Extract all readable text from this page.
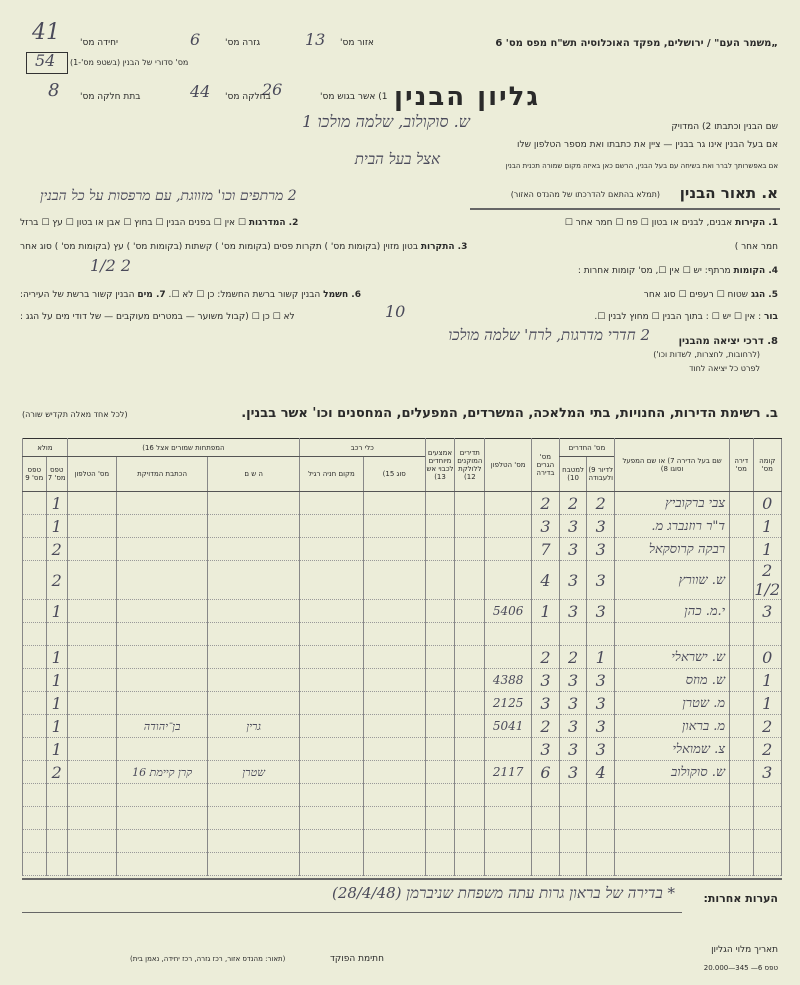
„משמר העם" / ירושלים, מפקד האוכלוסיה תש"ח מפס מס' 6
אזור מס'
13
גזרה מס'
6
יחידה מס'
41
מס' סדורי של הבנין (בשטפ מס'-1)
54
גליון הבנין
1) אשר בגוש מס'
26
בחלקה מס'
44
בתת חלקה מס'
8
שם הבנין וכתבתו 2) המדויק
ש. סוקולוב, שלמה מולכו 1
אם בעל הבנין אינו גר בבנין — ציין את כתבתו ואת מספר הטלפון שלו
אם באפשרותך לברר ואת בשיחה עם בעל הבנין, הרשם כאן באיזה מקום שמורה תכנית הבנין
אצל בעל הבית
א. תאור הבנין
(תמלא בהתאם להדרכתו של מהנדס האזור)
2 מרתפים וכו' מזווגת, עם מרפסות על כל הבנין
1. הקירות אבנים, לבנים או בטון ☐ פח ☐ חמר אחר ☐
2. המדרגות ☐ אין ☐ בפנים הבנין ☐ בחוץ ☐ אבן או בטון ☐ עץ ☐ ברזל
חמר אחר )
3. התקרות בטון מזוין (בקומות מס' ) תקרות פסים (בקומות מס' ) קשתות (בקומות מס' ) עץ (בקומות מס' ) סוג אחר
4. הקומות מרתף: יש ☐ אין ☐, מס' קומות אחרות :
2 1/2
5. הגג שטוח ☐ רעפים ☐ סוג אחר
6. חשמל הבנין קשור ברשת החשמל: כן ☐ לא ☐. 7. מים הבנין קשור ברשת של העיריה:
בור : אין ☐ יש ☐ : בתוך הבנין ☐ מחוץ לבנין ☐.
לא ☐ כן ☐ (קבול משוער — במטרים מעוקבים — של דודי מים על הגג :	10
8. דרכי יציאה מהבנין
2 חדרי מדרגות, לרח' שלמה מולכו
(לרחובות, לחצרות, לשדות וכו')
לפרט כל יציאה לחוד
ב. רשימת הדירות, החנויות, בתי המלאכה, המשרדים, המפעלים, המחסנים וכו' אשר בבנין.
(לכל אחד מאלה תקדיש שורה)
קומה מס'	דירה מס'	שם בעל הדירה 7) או שם המפעל וסוגו 8)	מס' החדרים		מס' הגרים בדירה	מס' הטלפון	תדירים המוקנים ללולקת 12)	אמצעים מיוחדים לכבוי אש 13)	כלי רכב		המפתחות שמורים אצל 16)			מולא	
			לדיור 9) ולעבודה	למטבח 10)					סוג 15)	מקום חניה רגיל	ה ש ם	הכתבת המדויקת	מס' הטלפון	טפס מס' 7	טפס מס' 9
0		צבי ברקוביץ	2	2	2									1	
1		ד"ר רוזנברג מ.	3	3	3									1	
1		רבקה קרוסקאל	3	3	7									2	
2 1/2		ש. שוורץ	3	3	4									2	
3		י.מ. כהן	3	3	1	5406								1	

0		ש. ישראלי	1	2	2									1	
1		ש. מוזס	3	3	3	4388								1	
1		מ. שטרן	3	3	3	2125								1	
2		מ. בראון	3	3	2	5041					גרין	בן־יהודה		1	
2		צ. שמואלי	3	3	3									1	
3		ש. סוקולוב	4	3	6	2117					שטרן	קרן קיימת 16		2	

הערות אחרות:
* בדירה של בראון גרות עתה משפחת שניברמן (28/4/48)
תאריך מלוי הגליון
חתימת הפוקד
(תאור: מהנדס אזור, רכז גזרה, רכז יחידה, נאמן בית)
טפס 6— 345—20.000
